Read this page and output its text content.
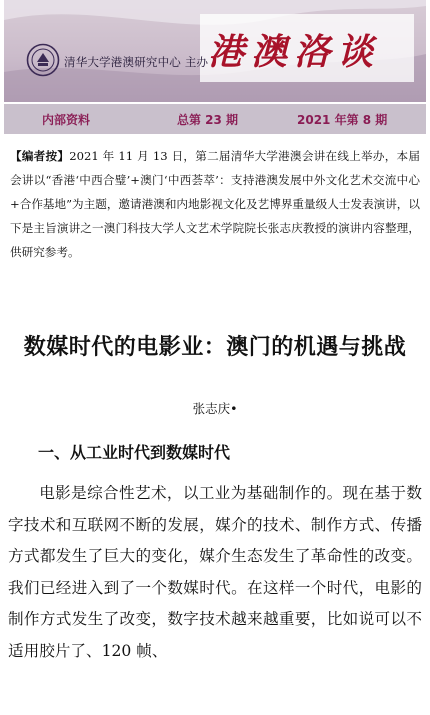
清华大学港澳研究中心 主办 港澳洛谈
内部资料	总第 23 期	2021 年第 8 期
【编者按】2021 年 11 月 13 日，第二届清华大学港澳会讲在线上举办，本届会讲以“香港‘中西合璧’+澳门‘中西荟萃’：支持港澳发展中外文化艺术交流中心+合作基地”为主题，邀请港澳和内地影视文化及艺博界重量级人士发表演讲，以下是主旨演讲之一澳门科技大学人文艺术学院院长张志庆教授的演讲内容整理，供研究参考。
数媒时代的电影业：澳门的机遇与挑战
张志庆•
一、从工业时代到数媒时代

电影是综合性艺术，以工业为基础制作的。现在基于数字技术和互联网不断的发展，媒介的技术、制作方式、传播方式都发生了巨大的变化，媒介生态发生了革命性的改变。我们已经进入到了一个数媒时代。在这样一个时代，电影的制作方式发生了改变，数字技术越来越重要，比如说可以不适用胶片了、120 帧、
